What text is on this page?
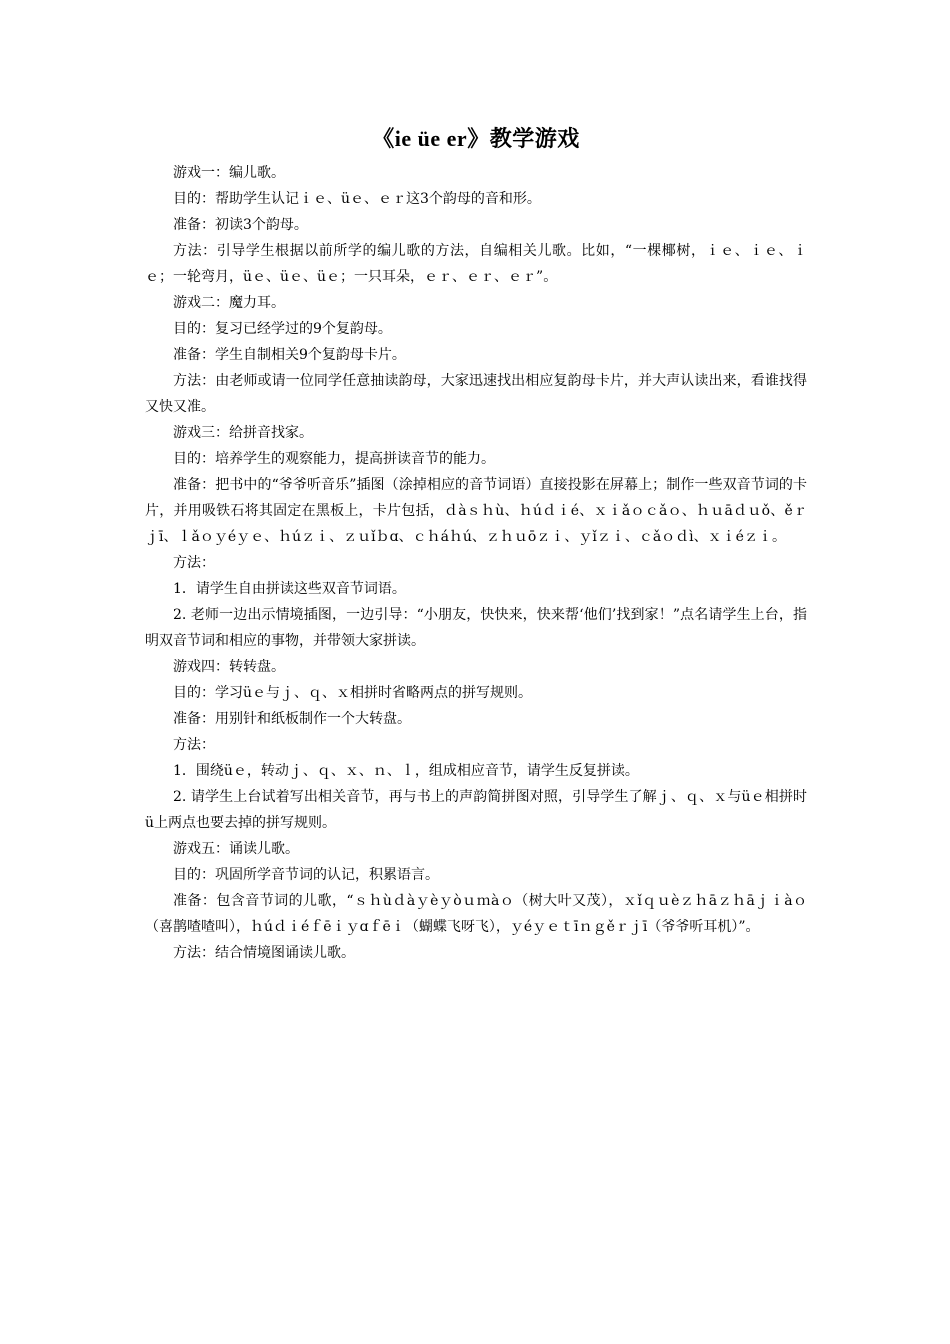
《ie üe er》教学游戏

游戏一：编儿歌。

目的：帮助学生认记ｉｅ、üｅ、ｅｒ这3个韵母的音和形。

准备：初读3个韵母。

方法：引导学生根据以前所学的编儿歌的方法，自编相关儿歌。比如，“一棵椰树，ｉｅ、ｉｅ、ｉｅ；一轮弯月，üｅ、üｅ、üｅ；一只耳朵，ｅｒ、ｅｒ、ｅｒ”。

游戏二：魔力耳。

目的：复习已经学过的9个复韵母。

准备：学生自制相关9个复韵母卡片。

方法：由老师或请一位同学任意抽读韵母，大家迅速找出相应复韵母卡片，并大声认读出来，看谁找得又快又准。

游戏三：给拼音找家。

目的：培养学生的观察能力，提高拼读音节的能力。

准备：把书中的“爷爷听音乐”插图（涂掉相应的音节词语）直接投影在屏幕上；制作一些双音节词的卡片，并用吸铁石将其固定在黑板上，卡片包括，ｄàｓｈù、ｈúｄｉé、ｘｉǎｏｃǎｏ、ｈｕāｄｕǒ、ěｒｊī、ｌǎｏｙéｙｅ、ｈúｚｉ、ｚｕǐｂɑ、ｃｈáｈú、ｚｈｕōｚｉ、ｙǐｚｉ、ｃǎｏｄì、ｘｉéｚｉ。

方法：

1．请学生自由拼读这些双音节词语。

2. 老师一边出示情境插图，一边引导：“小朋友，快快来，快来帮‘他们’找到家！”点名请学生上台，指明双音节词和相应的事物，并带领大家拼读。

游戏四：转转盘。

目的：学习üｅ与ｊ、ｑ、ｘ相拼时省略两点的拼写规则。

准备：用别针和纸板制作一个大转盘。

方法：

1．围绕üｅ，转动ｊ、ｑ、ｘ、ｎ、ｌ，组成相应音节，请学生反复拼读。

2. 请学生上台试着写出相关音节，再与书上的声韵简拼图对照，引导学生了解ｊ、ｑ、ｘ与üｅ相拼时ü上两点也要去掉的拼写规则。

游戏五：诵读儿歌。

目的：巩固所学音节词的认记，积累语言。

准备：包含音节词的儿歌，“ｓｈùｄàｙèｙòｕｍàｏ（树大叶又茂），ｘǐｑｕèｚｈāｚｈāｊｉàｏ（喜鹊喳喳叫），ｈúｄｉéｆēｉｙɑｆēｉ（蝴蝶飞呀飞），ｙéｙｅｔīｎｇěｒｊī（爷爷听耳机）”。

方法：结合情境图诵读儿歌。
